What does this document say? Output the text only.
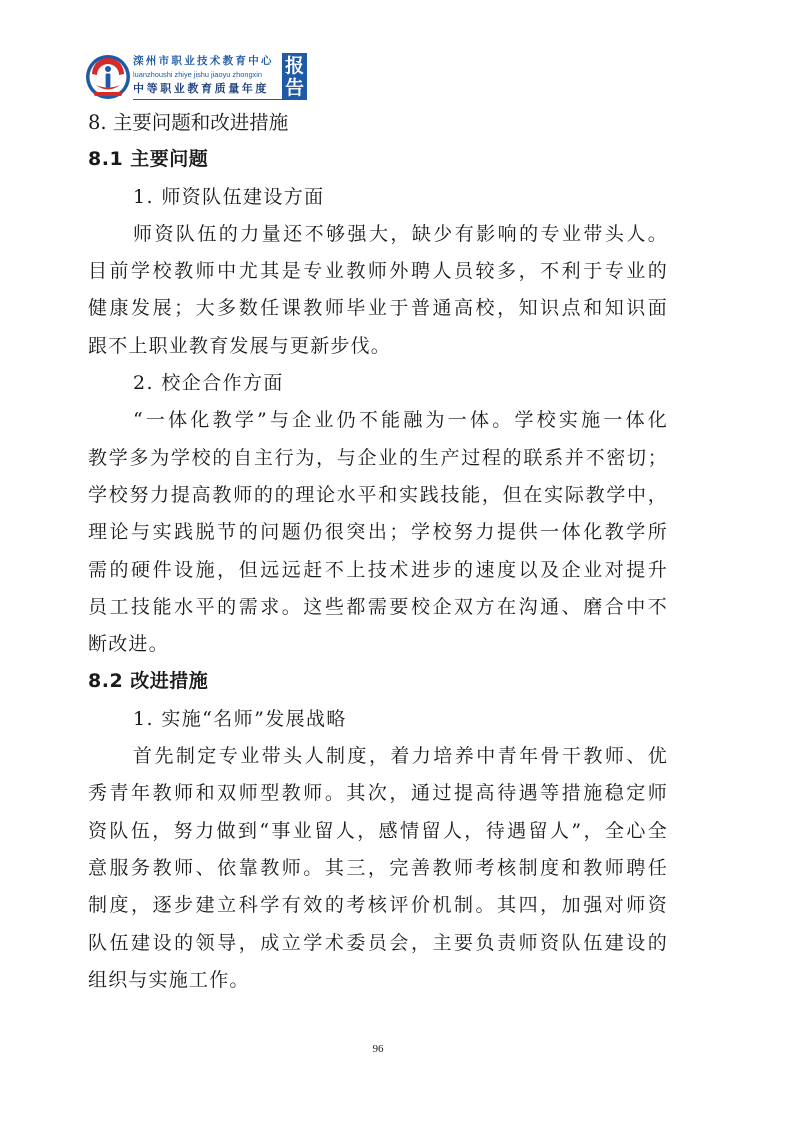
滦州市职业技术教育中心
luanzhoushi zhiye jishu jiaoyu zhongxin
中等职业教育质量年度
报
告
8. 主要问题和改进措施
8.1 主要问题
1. 师资队伍建设方面
师资队伍的力量还不够强大，缺少有影响的专业带头人。
目前学校教师中尤其是专业教师外聘人员较多，不利于专业的
健康发展；大多数任课教师毕业于普通高校，知识点和知识面
跟不上职业教育发展与更新步伐。
2. 校企合作方面
“一体化教学”与企业仍不能融为一体。学校实施一体化
教学多为学校的自主行为，与企业的生产过程的联系并不密切；
学校努力提高教师的的理论水平和实践技能，但在实际教学中，
理论与实践脱节的问题仍很突出；学校努力提供一体化教学所
需的硬件设施，但远远赶不上技术进步的速度以及企业对提升
员工技能水平的需求。这些都需要校企双方在沟通、磨合中不
断改进。
8.2 改进措施
1. 实施“名师”发展战略
首先制定专业带头人制度，着力培养中青年骨干教师、优
秀青年教师和双师型教师。其次，通过提高待遇等措施稳定师
资队伍，努力做到“事业留人，感情留人，待遇留人”，全心全
意服务教师、依靠教师。其三，完善教师考核制度和教师聘任
制度，逐步建立科学有效的考核评价机制。其四，加强对师资
队伍建设的领导，成立学术委员会，主要负责师资队伍建设的
组织与实施工作。
96
